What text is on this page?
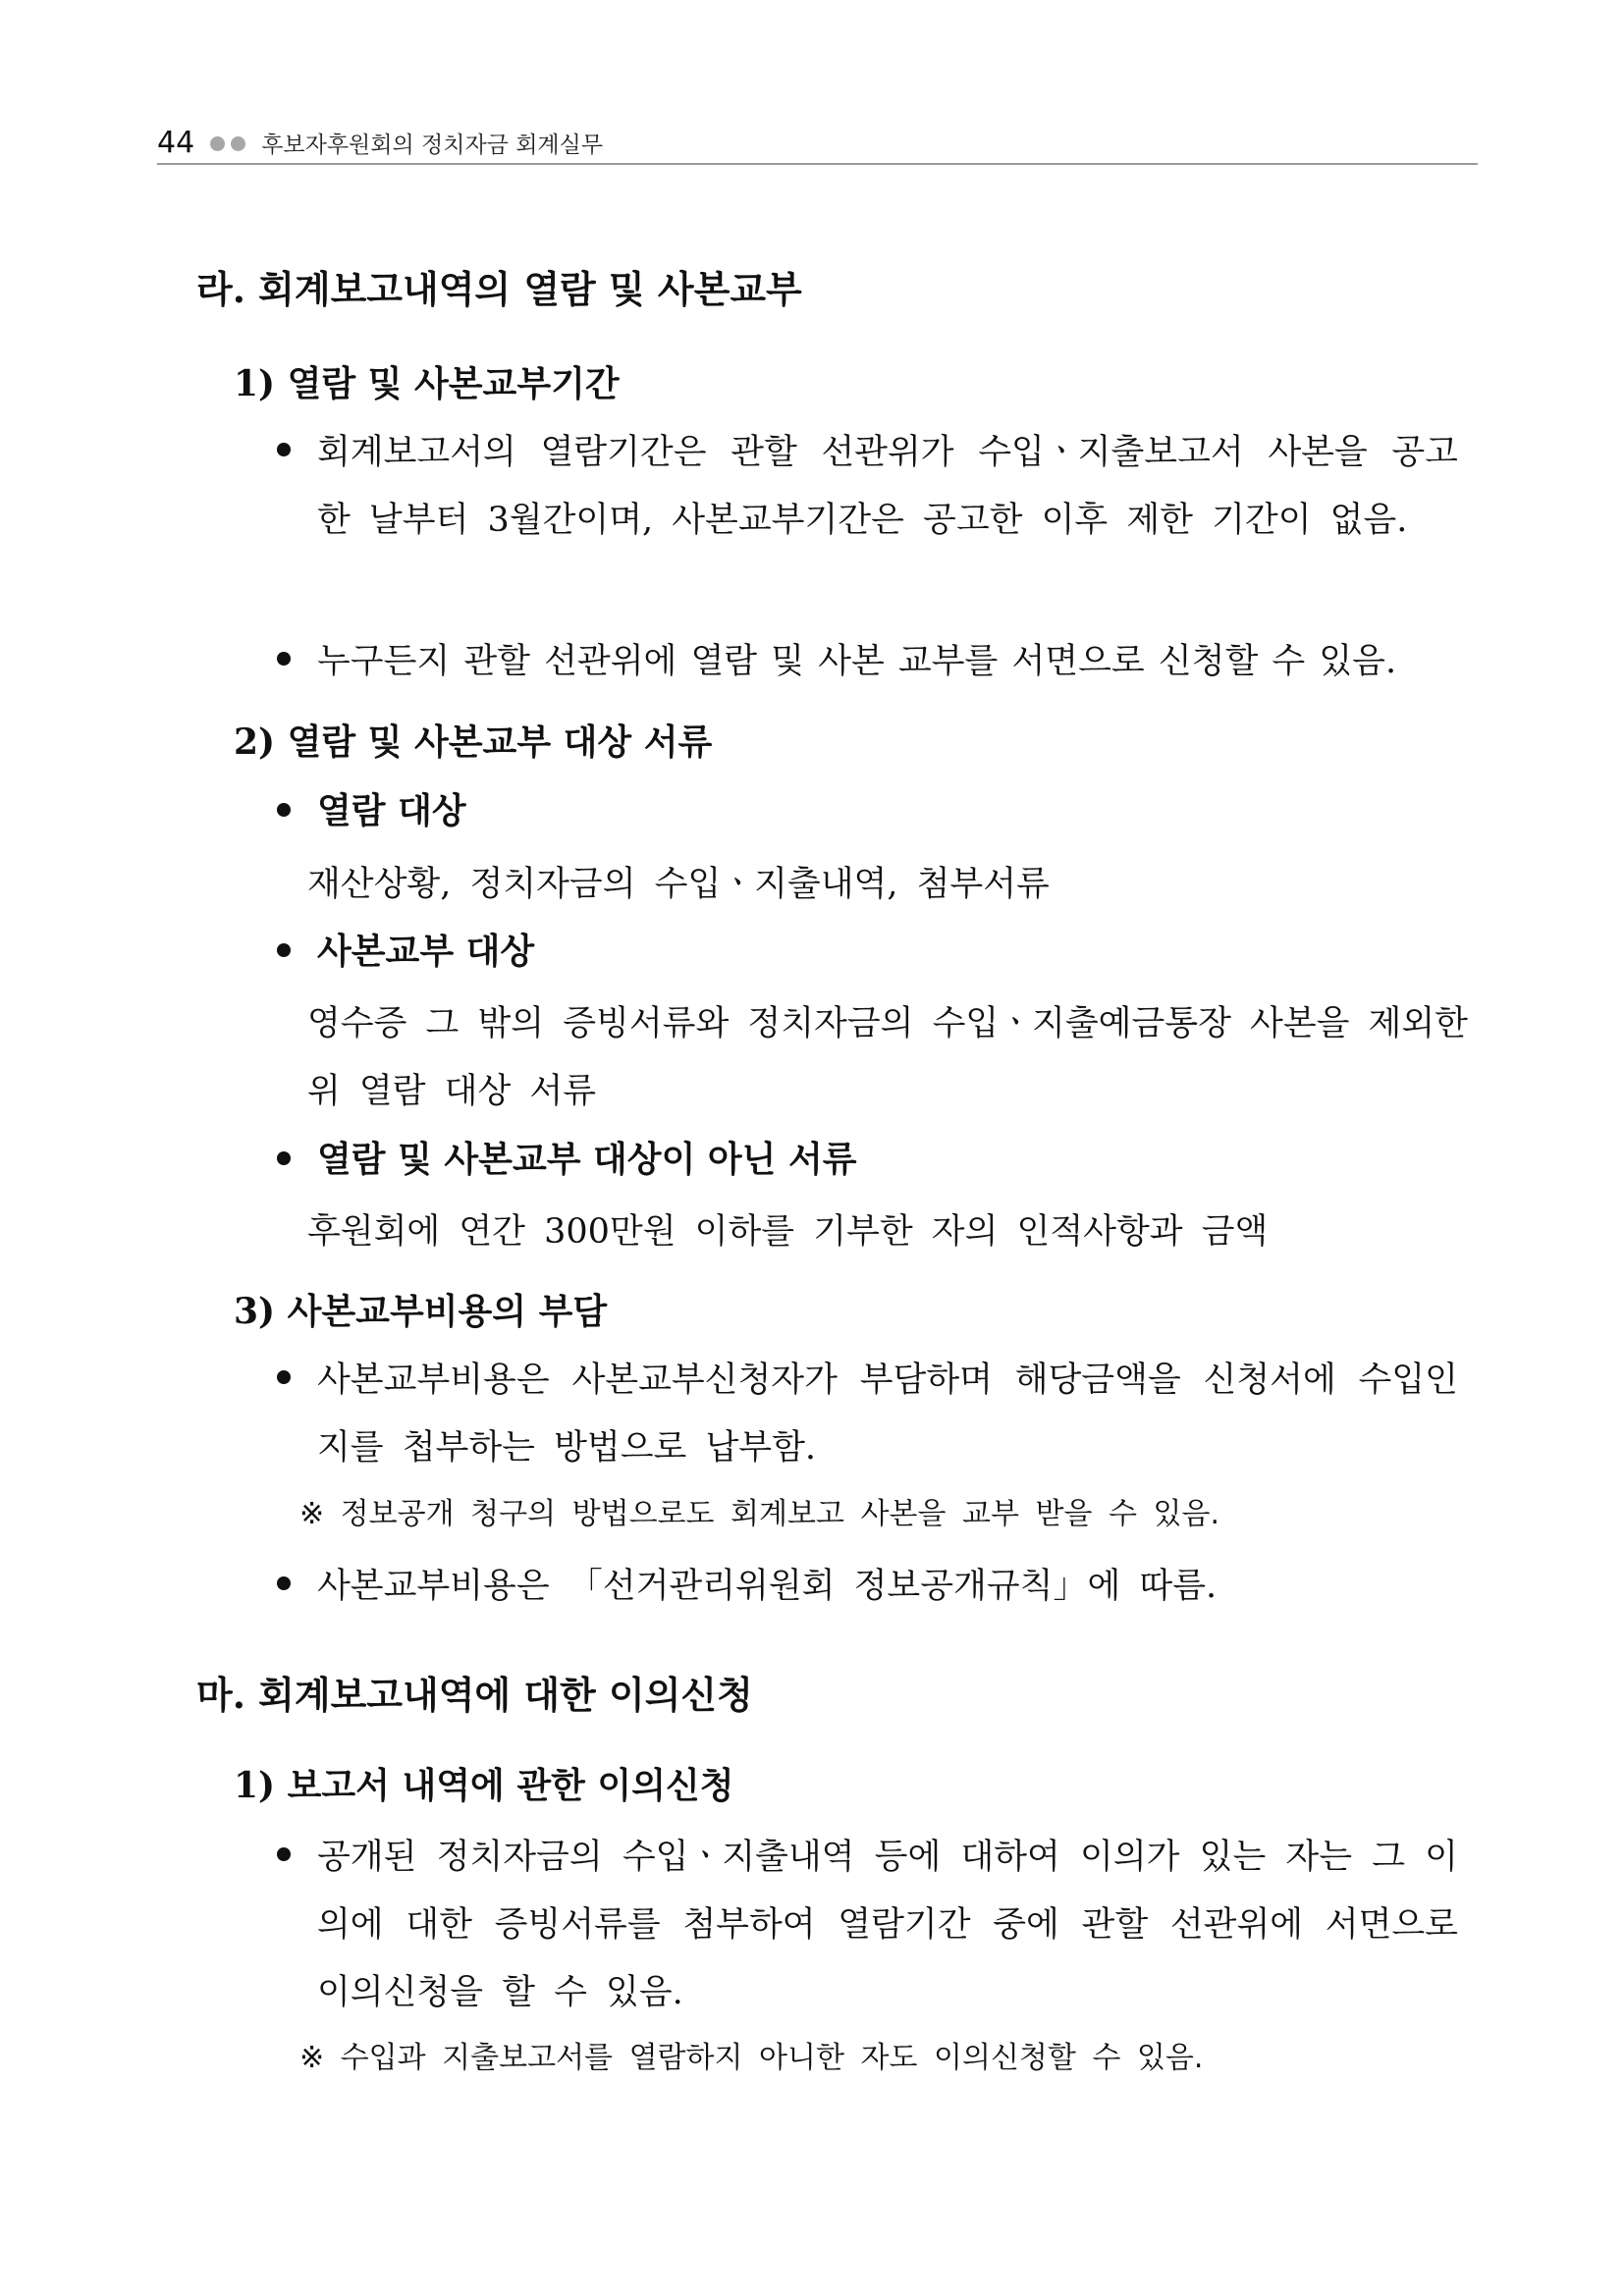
44	후보자후원회의 정치자금 회계실무
라. 회계보고내역의 열람 및 사본교부
1) 열람 및 사본교부기간
회계보고서의 열람기간은 관할 선관위가 수입ㆍ지출보고서 사본을 공고한 날부터 3월간이며, 사본교부기간은 공고한 이후 제한 기간이 없음.
누구든지 관할 선관위에 열람 및 사본 교부를 서면으로 신청할 수 있음.
2) 열람 및 사본교부 대상 서류
열람 대상
재산상황, 정치자금의 수입ㆍ지출내역, 첨부서류
사본교부 대상
영수증 그 밖의 증빙서류와 정치자금의 수입ㆍ지출예금통장 사본을 제외한 위 열람 대상 서류
열람 및 사본교부 대상이 아닌 서류
후원회에 연간 300만원 이하를 기부한 자의 인적사항과 금액
3) 사본교부비용의 부담
사본교부비용은 사본교부신청자가 부담하며 해당금액을 신청서에 수입인지를 첩부하는 방법으로 납부함.
※ 정보공개 청구의 방법으로도 회계보고 사본을 교부 받을 수 있음.
사본교부비용은 「선거관리위원회 정보공개규칙」에 따름.
마. 회계보고내역에 대한 이의신청
1) 보고서 내역에 관한 이의신청
공개된 정치자금의 수입ㆍ지출내역 등에 대하여 이의가 있는 자는 그 이의에 대한 증빙서류를 첨부하여 열람기간 중에 관할 선관위에 서면으로 이의신청을 할 수 있음.
※ 수입과 지출보고서를 열람하지 아니한 자도 이의신청할 수 있음.
